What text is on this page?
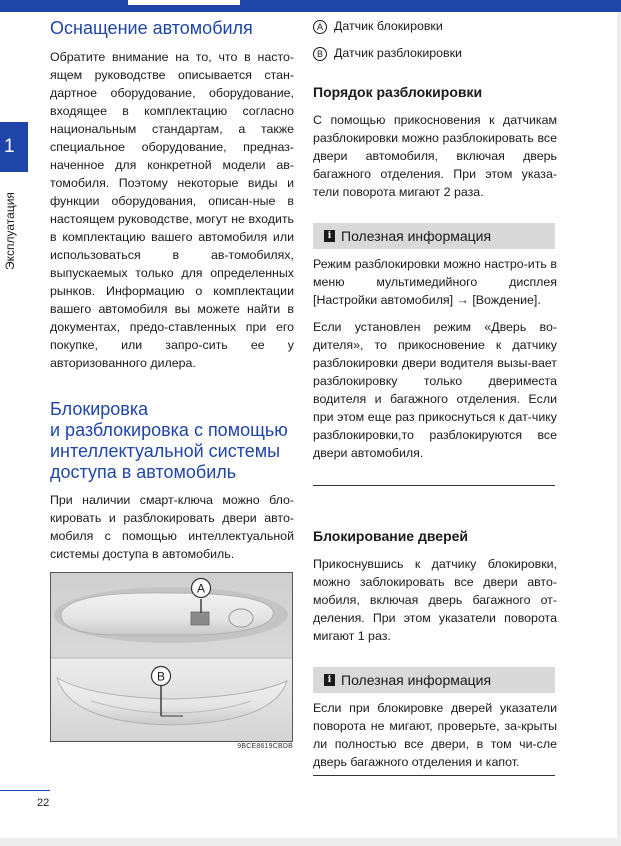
1
Эксплуатация
Оснащение автомобиля

Обратите внимание на то, что в насто-ящем руководстве описывается стан-дартное оборудование, оборудование, входящее в комплектацию согласно национальным стандартам, а также специальное оборудование, предназ-наченное для конкретной модели ав-томобиля. Поэтому некоторые виды и функции оборудования, описан-ные в настоящем руководстве, могут не входить в комплектацию вашего автомобиля или использоваться в ав-томобилях, выпускаемых только для определенных рынков. Информацию о комплектации вашего автомобиля вы можете найти в документах, предо-ставленных при его покупке, или запро-сить ее у авторизованного дилера.

Блокировка
и разблокировка с помощью
интеллектуальной системы
доступа в автомобиль

При наличии смарт-ключа можно бло-кировать и разблокировать двери авто-мобиля с помощью интеллектуальной системы доступа в автомобиль.

A
B
9BCE8619CBDB
A Датчик блокировки
B Датчик разблокировки
Порядок разблокировки

С помощью прикосновения к датчикам разблокировки можно разблокировать все двери автомобиля, включая дверь багажного отделения. При этом указа-тели поворота мигают 2 раза.

i Полезная информация

Режим разблокировки можно настро-ить в меню мультимедийного дисплея [Настройки автомобиля] → [Вождение].

Если установлен режим «Дверь во-дителя», то прикосновение к датчику разблокировки двери водителя вызы-вает разблокировку только двериместа водителя и багажного отделения. Если при этом еще раз прикоснуться к дат-чику разблокировки,то разблокируются все двери автомобиля.

Блокирование дверей

Прикоснувшись к датчику блокировки, можно заблокировать все двери авто-мобиля, включая дверь багажного от-деления. При этом указатели поворота мигают 1 раз.

i Полезная информация

Если при блокировке дверей указатели поворота не мигают, проверьте, за-крыты ли полностью все двери, в том чи-сле дверь багажного отделения и капот.

22
